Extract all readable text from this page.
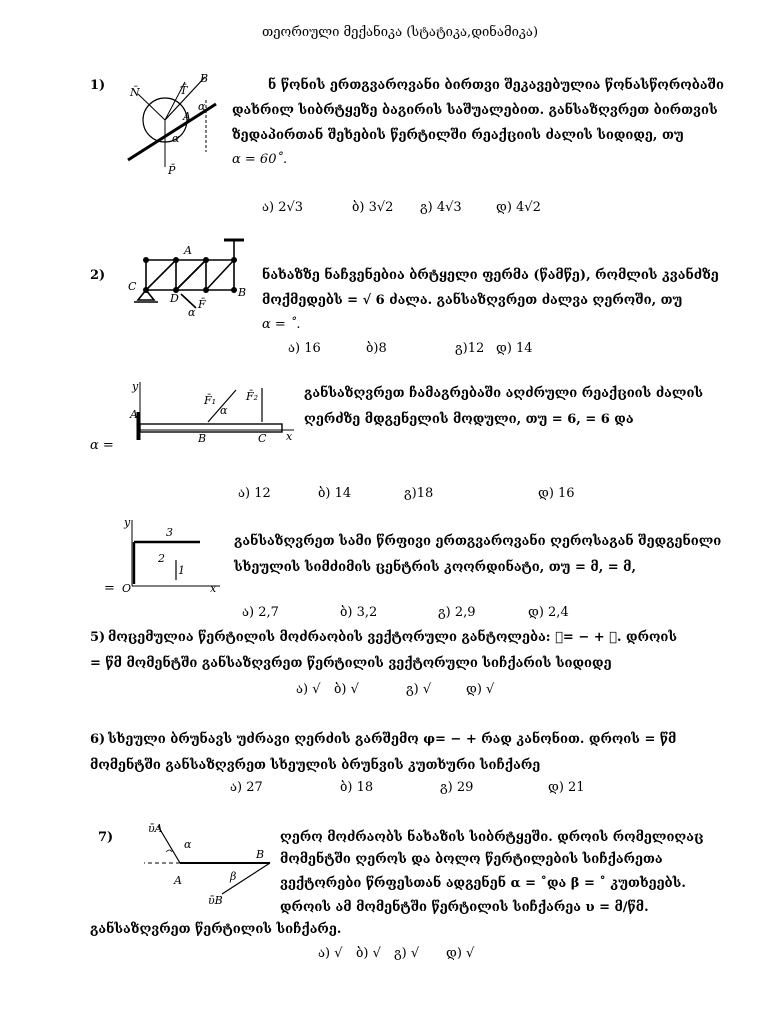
თეორიული მექანიკა (სტატიკა,დინამიკა)
1) N̄	T̄
P̄
A
B
α
α
ნ წონის ერთგვაროვანი ბირთვი შეკავებულია წონასწორობაში
დახრილ სიბრტყეზე ბაგირის საშუალებით. განსაზღვრეთ ბირთვის
ზედაპირთან შეხების წერტილში რეაქციის ძალის სიდიდე, თუ
α = 60˚.
ა) 2√3	ბ) 3√2 გ) 4√3	დ) 4√2
2)
A
C
D	B
F̄
α
ნახაზზე ნაჩვენებია ბრტყელი ფერმა (წამწე), რომლის კვანძზე
მოქმედებს = √ 6 ძალა. განსაზღვრეთ ძალვა ღეროში, თუ
α = ˚.
ა) 16	ბ)8	გ)12 დ) 14
y
x
A
B	C
F̄₁	F̄₂
α
განსაზღვრეთ ჩამაგრებაში აღძრული რეაქციის ძალის
ღერძზე მდგენელის მოდული, თუ = 6, = 6 და
α =
ა) 12	ბ) 14	გ)18	დ) 16
y
x
O
1
2
3
განსაზღვრეთ სამი წრფივი ერთგვაროვანი ღეროსაგან შედგენილი
სხეულის სიმძიმის ცენტრის კოორდინატი, თუ = მ, = მ,
=
ა) 2,7	ბ) 3,2	გ) 2,9	დ) 2,4
5) მოცემულია წერტილის მოძრაობის ვექტორული განტოლება: ⃗= − + ⃗. დროის
= წმ მომენტში განსაზღვრეთ წერტილის ვექტორული სიჩქარის სიდიდე
ა) √ ბ) √	გ) √	დ) √
6) სხეული ბრუნავს უძრავი ღერძის გარშემო φ= − + რად კანონით. დროის = წმ
მომენტში განსაზღვრეთ სხეულის ბრუნვის კუთხური სიჩქარე
ა) 27	ბ) 18	გ) 29	დ) 21
7)
ῡA
α
A
B
β
ῡB
ღერო მოძრაობს ნახაზის სიბრტყეში. დროის რომელიღაც
მომენტში ღეროს და ბოლო წერტილების სიჩქარეთა
ვექტორები წრფესთან ადგენენ α = ˚და β = ˚ კუთხეებს.
დროის ამ მომენტში წერტილის სიჩქარეა υ = მ/წმ.
განსაზღვრეთ წერტილის სიჩქარე.
ა) √ ბ) √ გ) √ დ) √
